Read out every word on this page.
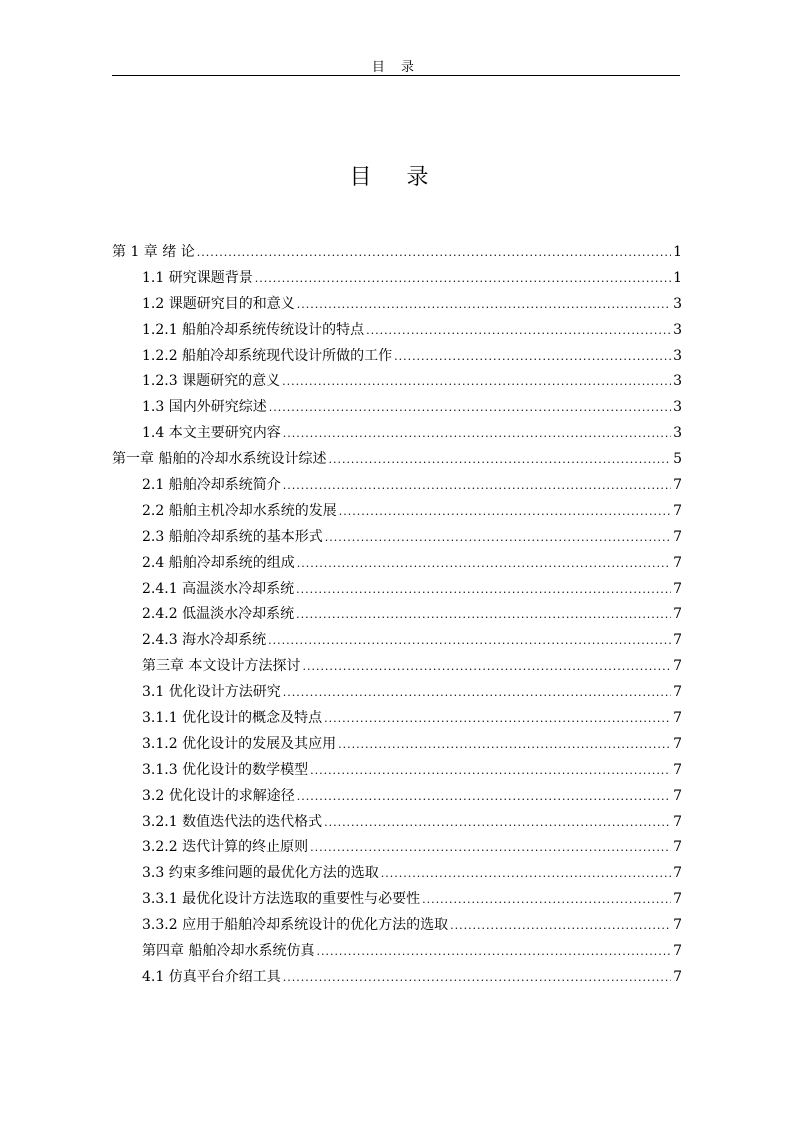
目 录
目 录
第 1 章 绪 论 .....	1
1.1 研究课题背景 .....	1
1.2 课题研究目的和意义 .....	3
1.2.1 船舶冷却系统传统设计的特点 .....	3
1.2.2 船舶冷却系统现代设计所做的工作 .....	3
1.2.3 课题研究的意义 .....	3
1.3 国内外研究综述 .....	3
1.4 本文主要研究内容 .....	3
第一章 船舶的冷却水系统设计综述 .....	5
2.1 船舶冷却系统简介 .....	7
2.2 船舶主机冷却水系统的发展 .....	7
2.3 船舶冷却系统的基本形式 .....	7
2.4 船舶冷却系统的组成 .....	7
2.4.1 高温淡水冷却系统 .....	7
2.4.2 低温淡水冷却系统 .....	7
2.4.3 海水冷却系统 .....	7
第三章 本文设计方法探讨 .....	7
3.1 优化设计方法研究 .....	7
3.1.1 优化设计的概念及特点 .....	7
3.1.2 优化设计的发展及其应用 .....	7
3.1.3 优化设计的数学模型 .....	7
3.2 优化设计的求解途径 .....	7
3.2.1 数值迭代法的迭代格式 .....	7
3.2.2 迭代计算的终止原则 .....	7
3.3 约束多维问题的最优化方法的选取 .....	7
3.3.1 最优化设计方法选取的重要性与必要性 .....	7
3.3.2 应用于船舶冷却系统设计的优化方法的选取 .....	7
第四章 船舶冷却水系统仿真 .....	7
4.1 仿真平台介绍工具 .....	7
